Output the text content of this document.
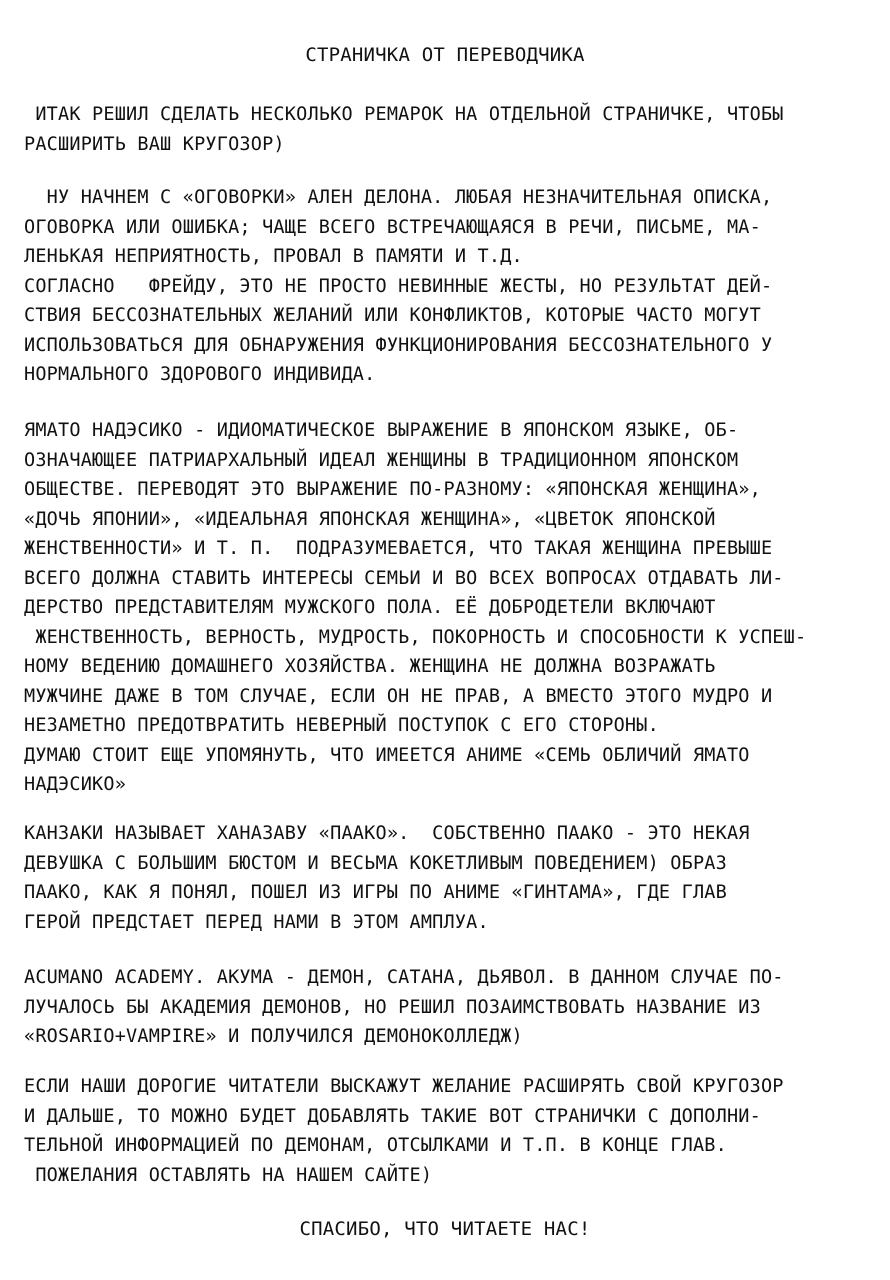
СТРАНИЧКА ОТ ПЕРЕВОДЧИКА
ИТАК РЕШИЛ СДЕЛАТЬ НЕСКОЛЬКО РЕМАРОК НА ОТДЕЛЬНОЙ СТРАНИЧКЕ, ЧТОБЫ
РАСШИРИТЬ ВАШ КРУГОЗОР)
НУ НАЧНЕМ С «ОГОВОРКИ» АЛЕН ДЕЛОНА. ЛЮБАЯ НЕЗНАЧИТЕЛЬНАЯ ОПИСКА,
ОГОВОРКА ИЛИ ОШИБКА; ЧАЩЕ ВСЕГО ВСТРЕЧАЮЩАЯСЯ В РЕЧИ, ПИСЬМЕ, МА-
ЛЕНЬКАЯ НЕПРИЯТНОСТЬ, ПРОВАЛ В ПАМЯТИ И Т.Д.
СОГЛАСНО   ФРЕЙДУ, ЭТО НЕ ПРОСТО НЕВИННЫЕ ЖЕСТЫ, НО РЕЗУЛЬТАТ ДЕЙ-
СТВИЯ БЕССОЗНАТЕЛЬНЫХ ЖЕЛАНИЙ ИЛИ КОНФЛИКТОВ, КОТОРЫЕ ЧАСТО МОГУТ
ИСПОЛЬЗОВАТЬСЯ ДЛЯ ОБНАРУЖЕНИЯ ФУНКЦИОНИРОВАНИЯ БЕССОЗНАТЕЛЬНОГО У
НОРМАЛЬНОГО ЗДОРОВОГО ИНДИВИДА.
ЯМАТО НАДЭСИКО - ИДИОМАТИЧЕСКОЕ ВЫРАЖЕНИЕ В ЯПОНСКОМ ЯЗЫКЕ, ОБ-
ОЗНАЧАЮЩЕЕ ПАТРИАРХАЛЬНЫЙ ИДЕАЛ ЖЕНЩИНЫ В ТРАДИЦИОННОМ ЯПОНСКОМ
ОБЩЕСТВЕ. ПЕРЕВОДЯТ ЭТО ВЫРАЖЕНИЕ ПО-РАЗНОМУ: «ЯПОНСКАЯ ЖЕНЩИНА»,
«ДОЧЬ ЯПОНИИ», «ИДЕАЛЬНАЯ ЯПОНСКАЯ ЖЕНЩИНА», «ЦВЕТОК ЯПОНСКОЙ
ЖЕНСТВЕННОСТИ» И Т. П.  ПОДРАЗУМЕВАЕТСЯ, ЧТО ТАКАЯ ЖЕНЩИНА ПРЕВЫШЕ
ВСЕГО ДОЛЖНА СТАВИТЬ ИНТЕРЕСЫ СЕМЬИ И ВО ВСЕХ ВОПРОСАХ ОТДАВАТЬ ЛИ-
ДЕРСТВО ПРЕДСТАВИТЕЛЯМ МУЖСКОГО ПОЛА. ЕЁ ДОБРОДЕТЕЛИ ВКЛЮЧАЮТ
ЖЕНСТВЕННОСТЬ, ВЕРНОСТЬ, МУДРОСТЬ, ПОКОРНОСТЬ И СПОСОБНОСТИ К УСПЕШ-
НОМУ ВЕДЕНИЮ ДОМАШНЕГО ХОЗЯЙСТВА. ЖЕНЩИНА НЕ ДОЛЖНА ВОЗРАЖАТЬ
МУЖЧИНЕ ДАЖЕ В ТОМ СЛУЧАЕ, ЕСЛИ ОН НЕ ПРАВ, А ВМЕСТО ЭТОГО МУДРО И
НЕЗАМЕТНО ПРЕДОТВРАТИТЬ НЕВЕРНЫЙ ПОСТУПОК С ЕГО СТОРОНЫ.
ДУМАЮ СТОИТ ЕЩЕ УПОМЯНУТЬ, ЧТО ИМЕЕТСЯ АНИМЕ «СЕМЬ ОБЛИЧИЙ ЯМАТО
НАДЭСИКО»
КАНЗАКИ НАЗЫВАЕТ ХАНАЗАВУ «ПААКО».  СОБСТВЕННО ПААКО - ЭТО НЕКАЯ
ДЕВУШКА С БОЛЬШИМ БЮСТОМ И ВЕСЬМА КОКЕТЛИВЫМ ПОВЕДЕНИЕМ) ОБРАЗ
ПААКО, КАК Я ПОНЯЛ, ПОШЕЛ ИЗ ИГРЫ ПО АНИМЕ «ГИНТАМА», ГДЕ ГЛАВ
ГЕРОЙ ПРЕДСТАЕТ ПЕРЕД НАМИ В ЭТОМ АМПЛУА.
ACUMANO ACADEMY. АКУМА - ДЕМОН, САТАНА, ДЬЯВОЛ. В ДАННОМ СЛУЧАЕ ПО-
ЛУЧАЛОСЬ БЫ АКАДЕМИЯ ДЕМОНОВ, НО РЕШИЛ ПОЗАИМСТВОВАТЬ НАЗВАНИЕ ИЗ
«ROSARIO+VAMPIRE» И ПОЛУЧИЛСЯ ДЕМОНОКОЛЛЕДЖ)
ЕСЛИ НАШИ ДОРОГИЕ ЧИТАТЕЛИ ВЫСКАЖУТ ЖЕЛАНИЕ РАСШИРЯТЬ СВОЙ КРУГОЗОР
И ДАЛЬШЕ, ТО МОЖНО БУДЕТ ДОБАВЛЯТЬ ТАКИЕ ВОТ СТРАНИЧКИ С ДОПОЛНИ-
ТЕЛЬНОЙ ИНФОРМАЦИЕЙ ПО ДЕМОНАМ, ОТСЫЛКАМИ И Т.П. В КОНЦЕ ГЛАВ.
ПОЖЕЛАНИЯ ОСТАВЛЯТЬ НА НАШЕМ САЙТЕ)

СПАСИБО, ЧТО ЧИТАЕТЕ НАС!
